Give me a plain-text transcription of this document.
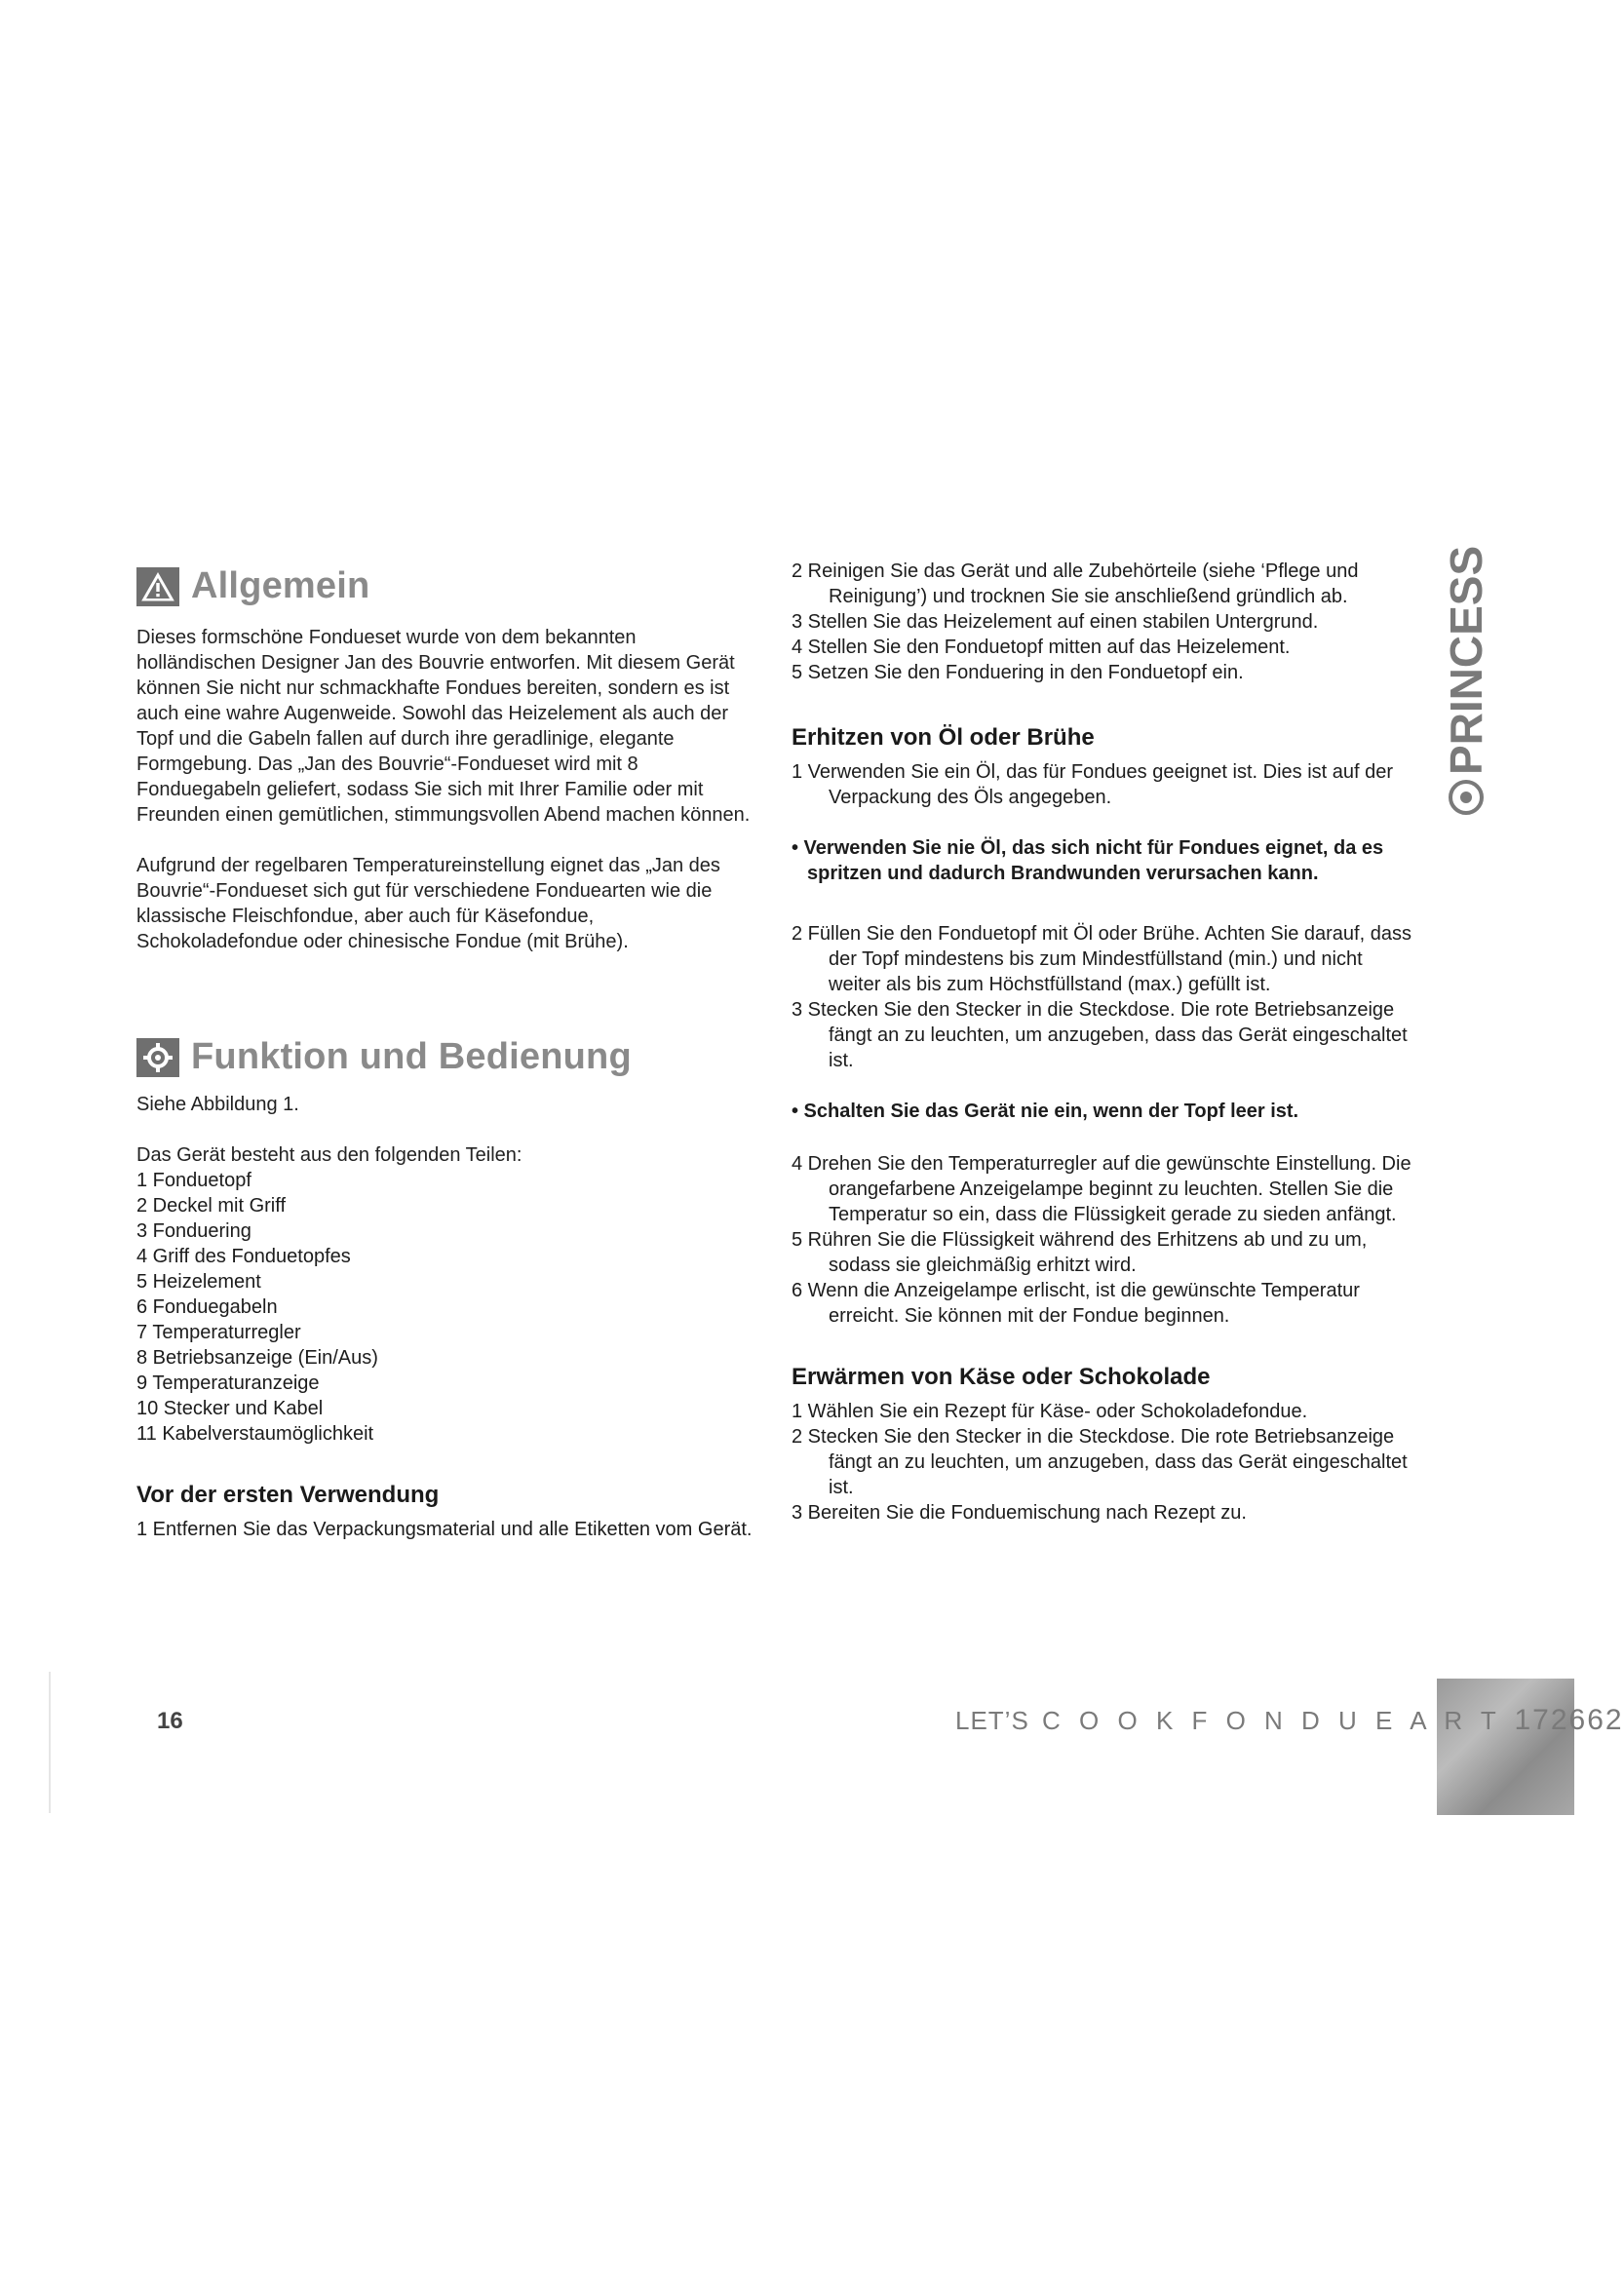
Allgemein

Dieses formschöne Fondueset wurde von dem bekannten holländischen Designer Jan des Bouvrie entworfen. Mit diesem Gerät können Sie nicht nur schmackhafte Fondues bereiten, sondern es ist auch eine wahre Augenweide. Sowohl das Heizelement als auch der Topf und die Gabeln fallen auf durch ihre geradlinige, elegante Formgebung. Das „Jan des Bouvrie“-Fondueset wird mit 8 Fonduegabeln geliefert, sodass Sie sich mit Ihrer Familie oder mit Freunden einen gemütlichen, stimmungsvollen Abend machen können.

Aufgrund der regelbaren Temperatureinstellung eignet das „Jan des Bouvrie“-Fondueset sich gut für verschiedene Fonduearten wie die klassische Fleischfondue, aber auch für Käsefondue, Schokoladefondue oder chinesische Fondue (mit Brühe).

Funktion und Bedienung

Siehe Abbildung 1.

Das Gerät besteht aus den folgenden Teilen:

1 Fonduetopf
2 Deckel mit Griff
3 Fonduering
4 Griff des Fonduetopfes
5 Heizelement
6 Fonduegabeln
7 Temperaturregler
8 Betriebsanzeige (Ein/Aus)
9 Temperaturanzeige
10 Stecker und Kabel
11 Kabelverstaumöglichkeit
Vor der ersten Verwendung

1 Entfernen Sie das Verpackungsmaterial und alle Etiketten vom Gerät.

2 Reinigen Sie das Gerät und alle Zubehörteile (siehe ‘Pflege und Reinigung’) und trocknen Sie sie anschließend gründlich ab.

3 Stellen Sie das Heizelement auf einen stabilen Untergrund.

4 Stellen Sie den Fonduetopf mitten auf das Heizelement.

5 Setzen Sie den Fonduering in den Fonduetopf ein.

Erhitzen von Öl oder Brühe

1 Verwenden Sie ein Öl, das für Fondues geeignet ist. Dies ist auf der Verpackung des Öls angegeben.

• Verwenden Sie nie Öl, das sich nicht für Fondues eignet, da es spritzen und dadurch Brandwunden verursachen kann.

2 Füllen Sie den Fonduetopf mit Öl oder Brühe. Achten Sie darauf, dass der Topf mindestens bis zum Mindestfüllstand (min.) und nicht weiter als bis zum Höchstfüllstand (max.) gefüllt ist.

3 Stecken Sie den Stecker in die Steckdose. Die rote Betriebsanzeige fängt an zu leuchten, um anzugeben, dass das Gerät eingeschaltet ist.

• Schalten Sie das Gerät nie ein, wenn der Topf leer ist.

4 Drehen Sie den Temperaturregler auf die gewünschte Einstellung. Die orangefarbene Anzeigelampe beginnt zu leuchten. Stellen Sie die Temperatur so ein, dass die Flüssigkeit gerade zu sieden anfängt.

5 Rühren Sie die Flüssigkeit während des Erhitzens ab und zu um, sodass sie gleichmäßig erhitzt wird.

6 Wenn die Anzeigelampe erlischt, ist die gewünschte Temperatur erreicht. Sie können mit der Fondue beginnen.

Erwärmen von Käse oder Schokolade

1 Wählen Sie ein Rezept für Käse- oder Schokoladefondue.

2 Stecken Sie den Stecker in die Steckdose. Die rote Betriebsanzeige fängt an zu leuchten, um anzugeben, dass das Gerät eingeschaltet ist.

3 Bereiten Sie die Fonduemischung nach Rezept zu.

PRINCESS
16	LET’S C O O K F O N D U E A R T 172662
